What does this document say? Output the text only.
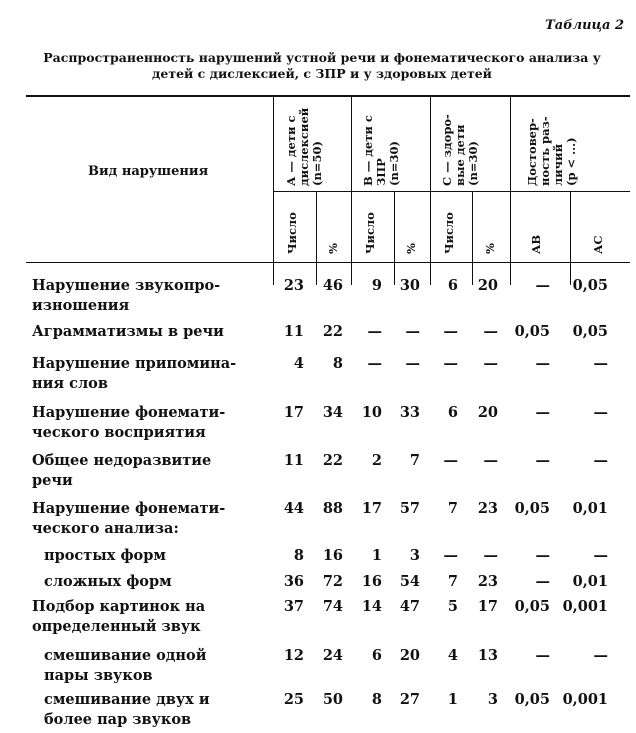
Таблица 2
Распространенность нарушений устной речи и фонематического анализа у
детей с дислексией, с ЗПР и у здоровых детей
Вид нарушения	А — дети с дислексией (n=50)	В — дети с ЗПР (n=30)	С — здоро- вые дети (n=30)	Достовер- ность раз- личий (р < ...)
Число % Число % Число %	АВ	АС
Нарушение звукопро-
изношения
23 46 9 30 6 20	— 0,05
Аграмматизмы в речи	11 22 — — — — 0,05 0,05
Нарушение припомина-
ния слов
4 8 — — — —	—	—
Нарушение фонемати-
ческого восприятия
17 34 10 33 6 20	—	—
Общее недоразвитие
речи
11 22 2 7 — —	—	—
Нарушение фонемати-
ческого анализа:
44 88 17 57 7 23 0,05 0,01
простых форм	8 16 1 3 — —	—	—
сложных форм	36 72 16 54 7 23	— 0,01
Подбор картинок на
определенный звук
37 74 14 47 5 17 0,05 0,001
смешивание одной
пары звуков
12 24 6 20 4 13	—	—
смешивание двух и
более пар звуков
25 50 8 27 1 3 0,05 0,001
